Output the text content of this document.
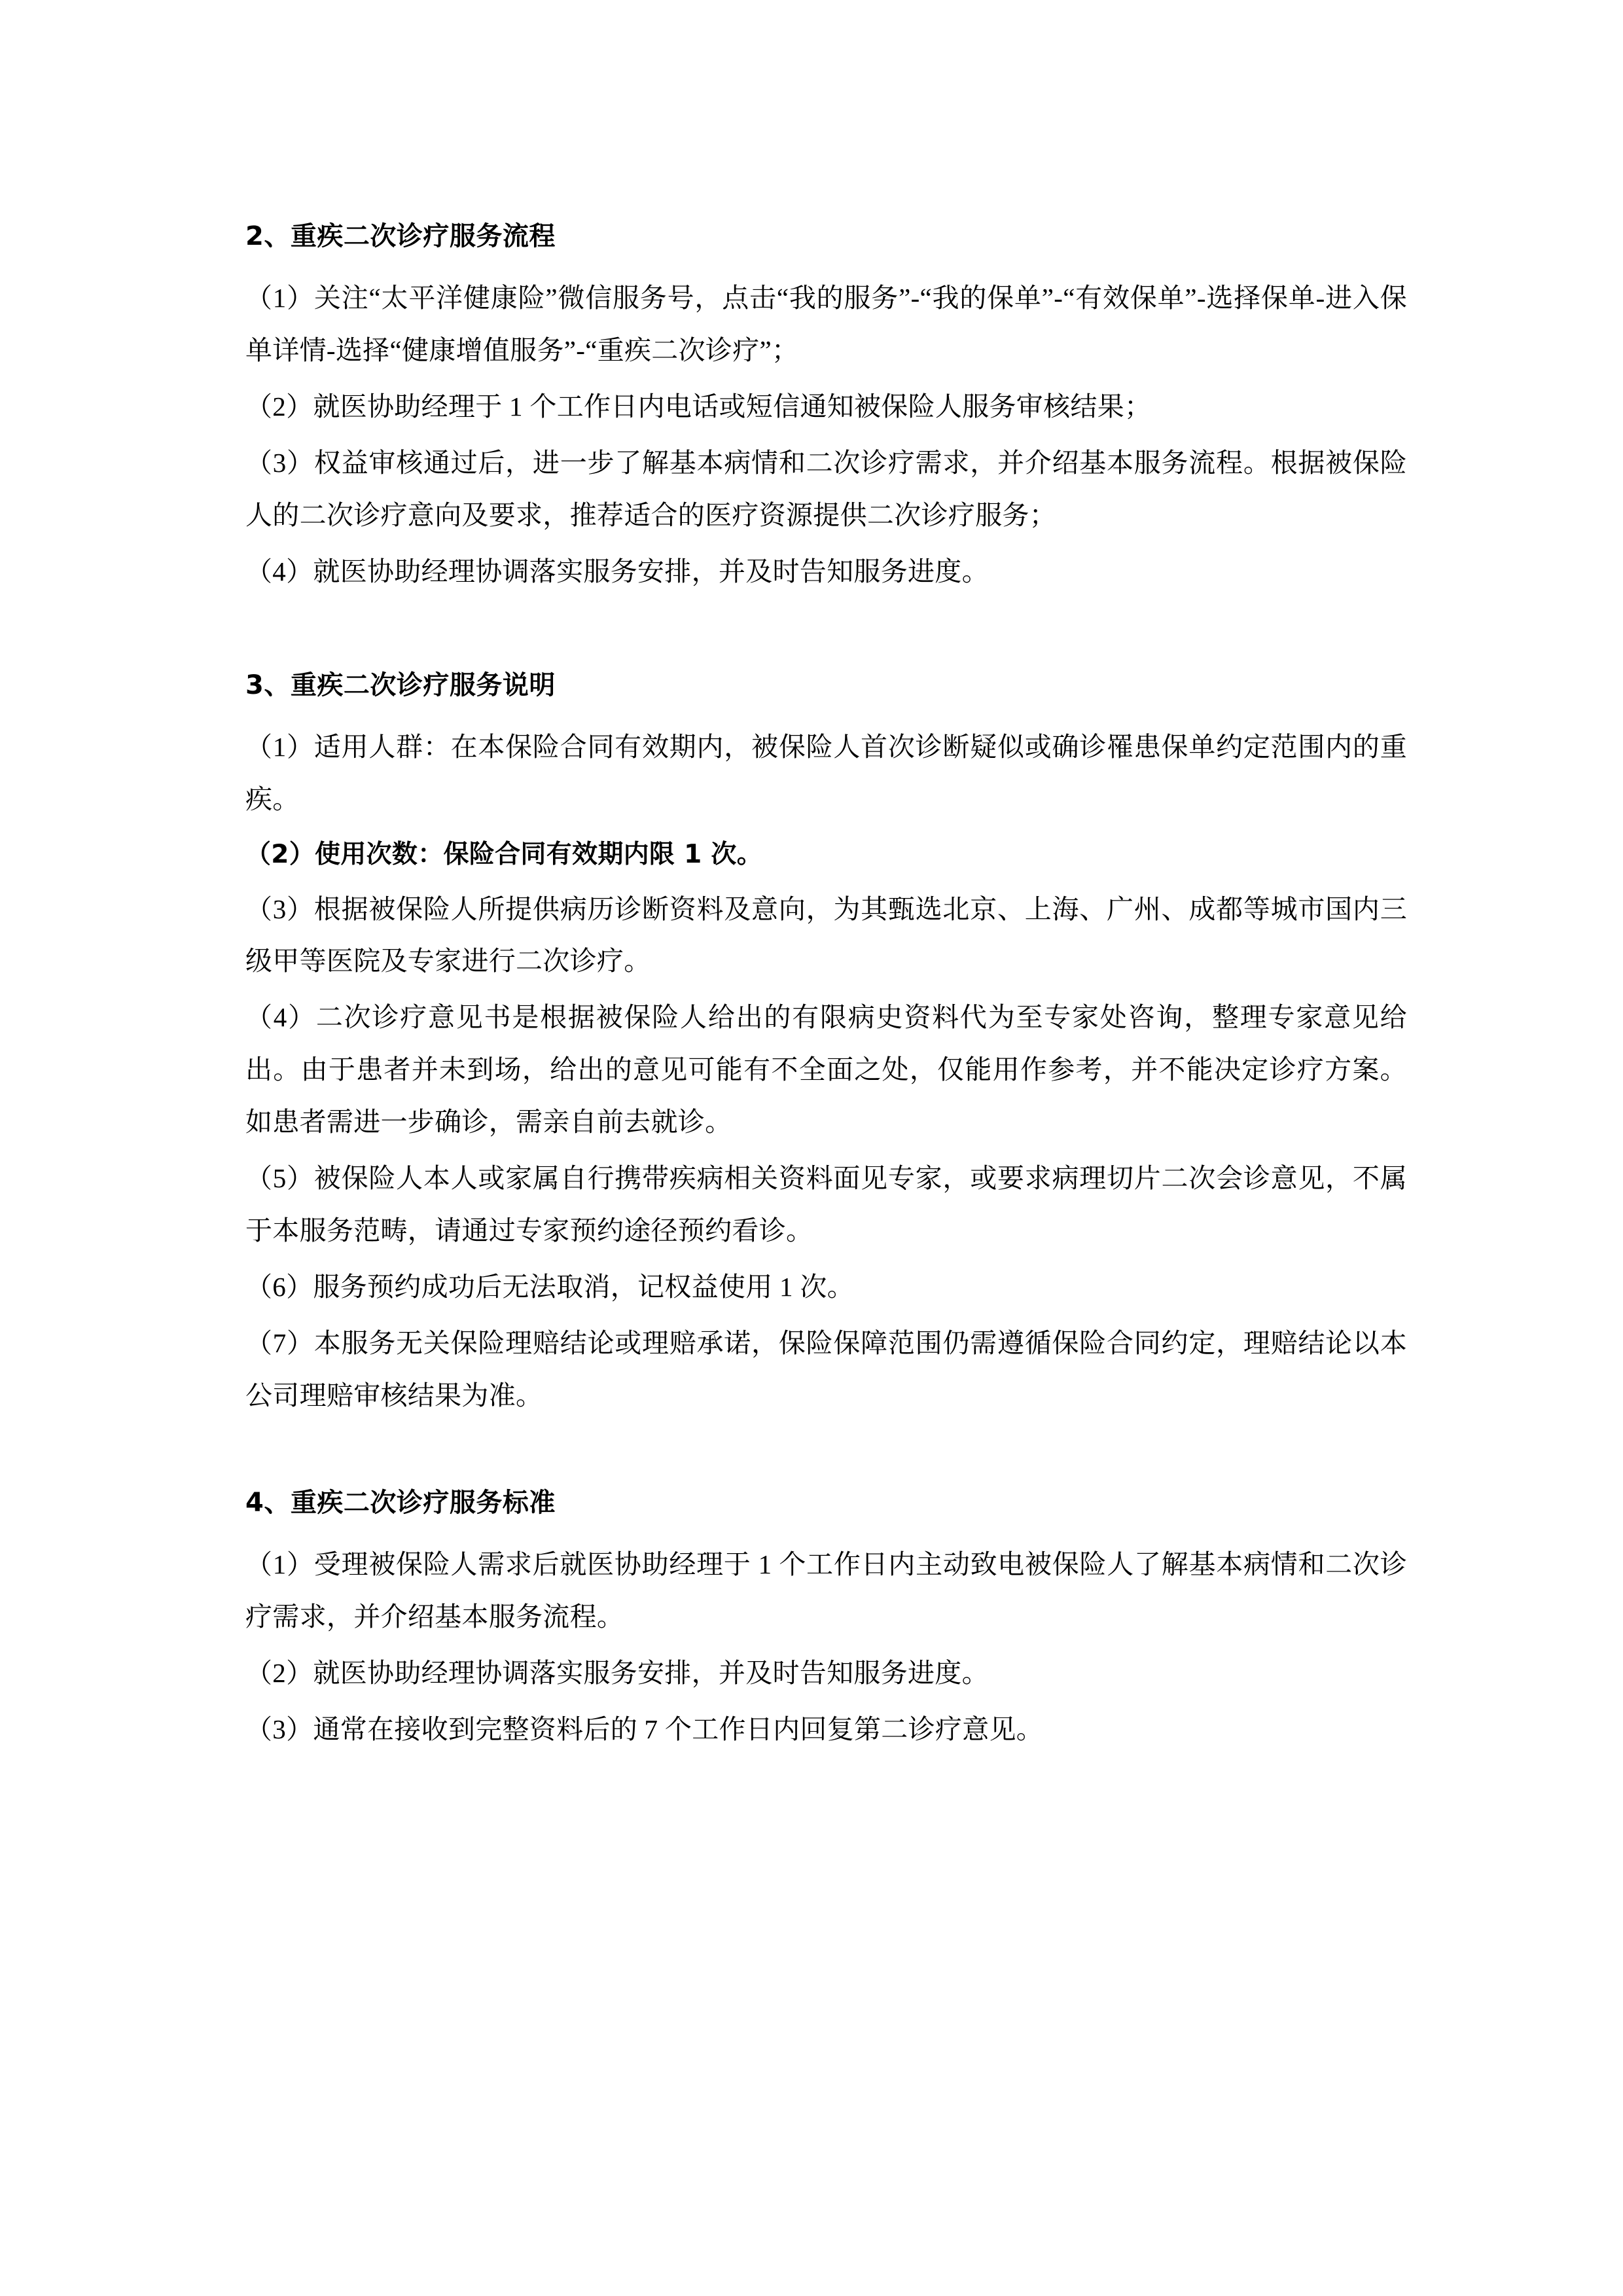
2、重疾二次诊疗服务流程

（1）关注“太平洋健康险”微信服务号，点击“我的服务”-“我的保单”-“有效保单”-选择保单-进入保单详情-选择“健康增值服务”-“重疾二次诊疗”；

（2）就医协助经理于 1 个工作日内电话或短信通知被保险人服务审核结果；

（3）权益审核通过后，进一步了解基本病情和二次诊疗需求，并介绍基本服务流程。根据被保险人的二次诊疗意向及要求，推荐适合的医疗资源提供二次诊疗服务；

（4）就医协助经理协调落实服务安排，并及时告知服务进度。

3、重疾二次诊疗服务说明

（1）适用人群：在本保险合同有效期内，被保险人首次诊断疑似或确诊罹患保单约定范围内的重疾。

（2）使用次数：保险合同有效期内限 1 次。

（3）根据被保险人所提供病历诊断资料及意向，为其甄选北京、上海、广州、成都等城市国内三级甲等医院及专家进行二次诊疗。

（4）二次诊疗意见书是根据被保险人给出的有限病史资料代为至专家处咨询，整理专家意见给出。由于患者并未到场，给出的意见可能有不全面之处，仅能用作参考，并不能决定诊疗方案。如患者需进一步确诊，需亲自前去就诊。

（5）被保险人本人或家属自行携带疾病相关资料面见专家，或要求病理切片二次会诊意见，不属于本服务范畴，请通过专家预约途径预约看诊。

（6）服务预约成功后无法取消，记权益使用 1 次。

（7）本服务无关保险理赔结论或理赔承诺，保险保障范围仍需遵循保险合同约定，理赔结论以本公司理赔审核结果为准。

4、重疾二次诊疗服务标准

（1）受理被保险人需求后就医协助经理于 1 个工作日内主动致电被保险人了解基本病情和二次诊疗需求，并介绍基本服务流程。

（2）就医协助经理协调落实服务安排，并及时告知服务进度。

（3）通常在接收到完整资料后的 7 个工作日内回复第二诊疗意见。
